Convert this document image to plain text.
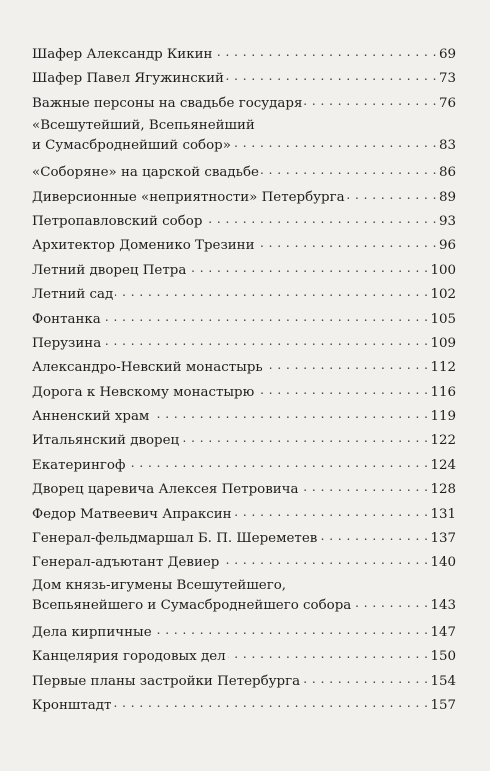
Шафер Александр Кикин . . .	69
Шафер Павел Ягужинский . . .	73
Важные персоны на свадьбе государя . . .	76
«Всешутейший, Всепьянейший
и Сумасброднейший собор» . . .	83
«Соборяне» на царской свадьбе . . .	86
Диверсионные «неприятности» Петербурга . . .	89
Петропавловский собор . . .	93
Архитектор Доменико Трезини . . .	96
Летний дворец Петра . . .	100
Летний сад . . .	102
Фонтанка . . .	105
Перузина . . .	109
Александро-Невский монастырь . . .	112
Дорога к Невскому монастырю . . .	116
Анненский храм . . .	119
Итальянский дворец . . .	122
Екатерингоф . . .	124
Дворец царевича Алексея Петровича . . .	128
Федор Матвеевич Апраксин . . .	131
Генерал-фельдмаршал Б. П. Шереметев . . .	137
Генерал-адъютант Девиер . . .	140
Дом князь-игумены Всешутейшего,
Всепьянейшего и Сумасброднейшего собора . . .	143
Дела кирпичные . . .	147
Канцелярия городовых дел . . .	150
Первые планы застройки Петербурга . . .	154
Кронштадт . . .	157
